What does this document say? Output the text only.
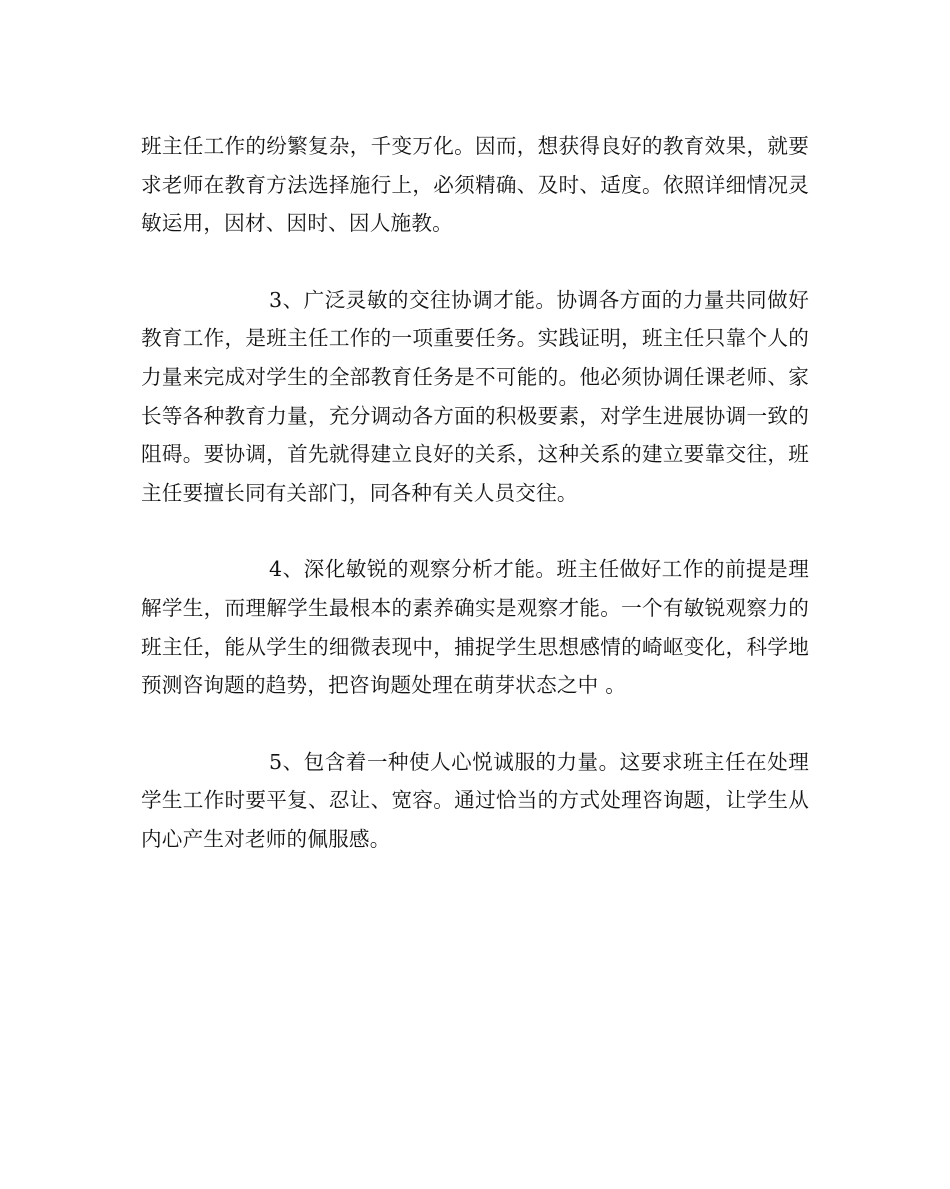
班主任工作的纷繁复杂，千变万化。因而，想获得良好的教育效果，就要求老师在教育方法选择施行上，必须精确、及时、适度。依照详细情况灵敏运用，因材、因时、因人施教。

3、广泛灵敏的交往协调才能。协调各方面的力量共同做好教育工作，是班主任工作的一项重要任务。实践证明，班主任只靠个人的力量来完成对学生的全部教育任务是不可能的。他必须协调任课老师、家长等各种教育力量，充分调动各方面的积极要素，对学生进展协调一致的阻碍。要协调，首先就得建立良好的关系，这种关系的建立要靠交往，班主任要擅长同有关部门，同各种有关人员交往。

4、深化敏锐的观察分析才能。班主任做好工作的前提是理解学生，而理解学生最根本的素养确实是观察才能。一个有敏锐观察力的班主任，能从学生的细微表现中，捕捉学生思想感情的崎岖变化，科学地预测咨询题的趋势，把咨询题处理在萌芽状态之中 。

5、包含着一种使人心悦诚服的力量。这要求班主任在处理学生工作时要平复、忍让、宽容。通过恰当的方式处理咨询题，让学生从内心产生对老师的佩服感。
